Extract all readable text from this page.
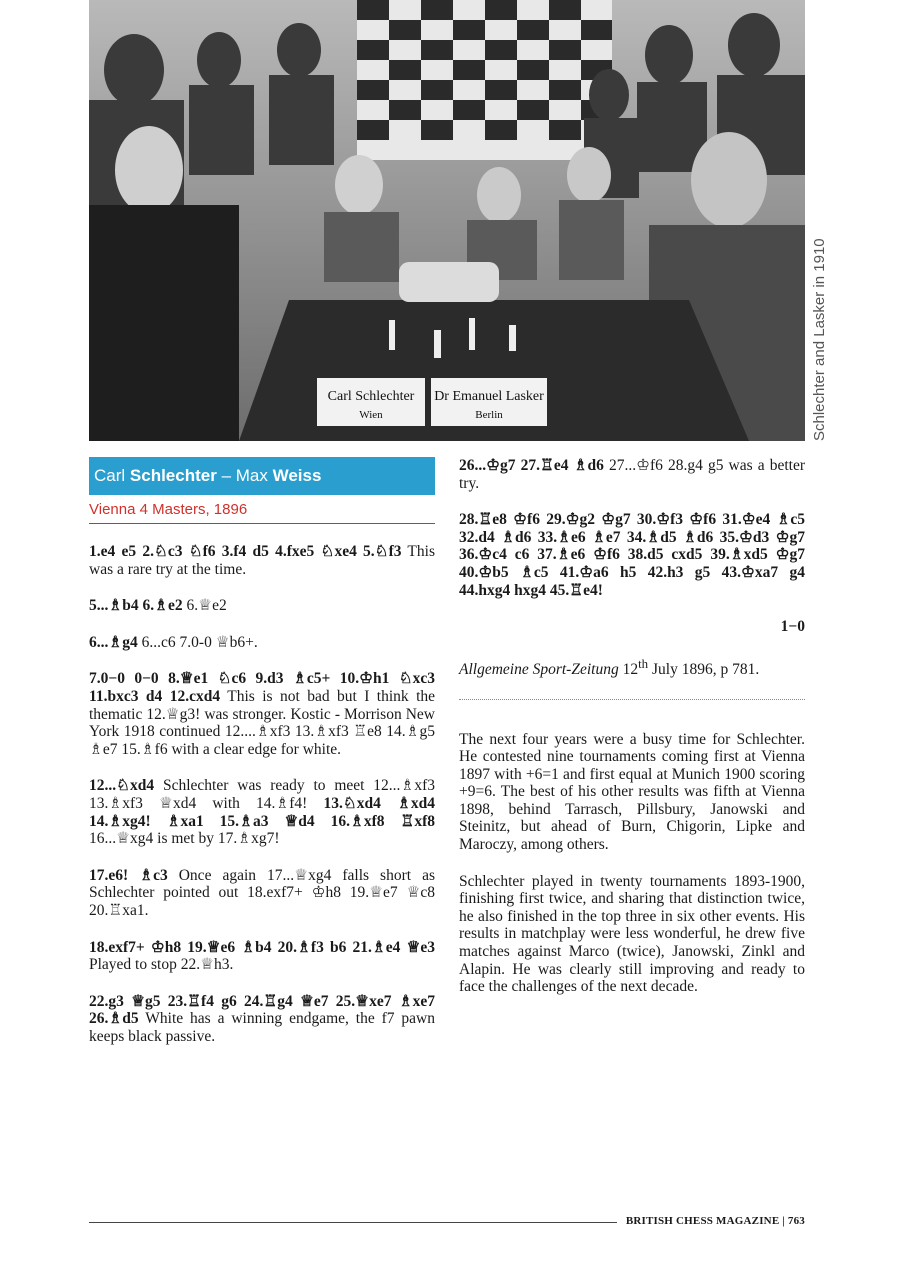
Carl Schlechter
Wien
Dr Emanuel Lasker
Berlin	Schlechter and Lasker in 1910
Carl Schlechter – Max Weiss
Vienna 4 Masters, 1896

1.e4 e5 2.♘c3 ♘f6 3.f4 d5 4.fxe5 ♘xe4 5.♘f3 This was a rare try at the time.

5...♗b4 6.♗e2 6.♕e2

6...♗g4 6...c6 7.0-0 ♕b6+.

7.0−0 0−0 8.♕e1 ♘c6 9.d3 ♗c5+ 10.♔h1 ♘xc3 11.bxc3 d4 12.cxd4 This is not bad but I think the thematic 12.♕g3! was stronger. Kostic - Morrison New York 1918 continued 12....♗xf3 13.♗xf3 ♖e8 14.♗g5 ♗e7 15.♗f6 with a clear edge for white.

12...♘xd4 Schlechter was ready to meet 12...♗xf3 13.♗xf3 ♕xd4 with 14.♗f4! 13.♘xd4 ♗xd4 14.♗xg4! ♗xa1 15.♗a3 ♕d4 16.♗xf8 ♖xf8 16...♕xg4 is met by 17.♗xg7!

17.e6! ♗c3 Once again 17...♕xg4 falls short as Schlechter pointed out 18.exf7+ ♔h8 19.♕e7 ♕c8 20.♖xa1.

18.exf7+ ♔h8 19.♕e6 ♗b4 20.♗f3 b6 21.♗e4 ♕e3 Played to stop 22.♕h3.

22.g3 ♕g5 23.♖f4 g6 24.♖g4 ♕e7 25.♕xe7 ♗xe7 26.♗d5 White has a winning endgame, the f7 pawn keeps black passive.

26...♔g7 27.♖e4 ♗d6 27...♔f6 28.g4 g5 was a better try.

28.♖e8 ♔f6 29.♔g2 ♔g7 30.♔f3 ♔f6 31.♔e4 ♗c5 32.d4 ♗d6 33.♗e6 ♗e7 34.♗d5 ♗d6 35.♔d3 ♔g7 36.♔c4 c6 37.♗e6 ♔f6 38.d5 cxd5 39.♗xd5 ♔g7 40.♔b5 ♗c5 41.♔a6 h5 42.h3 g5 43.♔xa7 g4 44.hxg4 hxg4 45.♖e4!

1−0

Allgemeine Sport-Zeitung 12th July 1896, p 781.

The next four years were a busy time for Schlechter. He contested nine tournaments coming first at Vienna 1897 with +6=1 and first equal at Munich 1900 scoring +9=6. The best of his other results was fifth at Vienna 1898, behind Tarrasch, Pillsbury, Janowski and Steinitz, but ahead of Burn, Chigorin, Lipke and Maroczy, among others.

Schlechter played in twenty tournaments 1893-1900, finishing first twice, and sharing that distinction twice, he also finished in the top three in six other events. His results in matchplay were less wonderful, he drew five matches against Marco (twice), Janowski, Zinkl and Alapin. He was clearly still improving and ready to face the challenges of the next decade.

BRITISH CHESS MAGAZINE | 763
